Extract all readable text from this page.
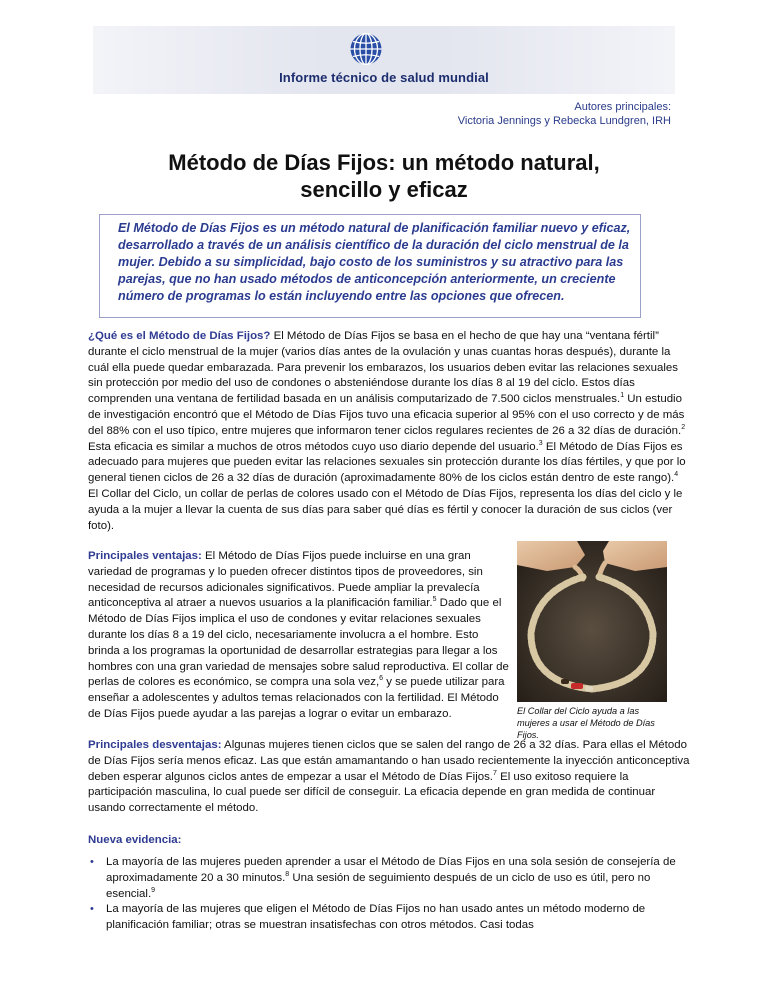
Informe técnico de salud mundial
Autores principales:
Victoria Jennings y Rebecka Lundgren, IRH
Método de Días Fijos: un método natural,
sencillo y eficaz

El Método de Días Fijos es un método natural de planificación familiar nuevo y eficaz, desarrollado a través de un análisis científico de la duración del ciclo menstrual de la mujer. Debido a su simplicidad, bajo costo de los suministros y su atractivo para las parejas, que no han usado métodos de anticoncepción anteriormente, un creciente número de programas lo están incluyendo entre las opciones que ofrecen.

¿Qué es el Método de Días Fijos? El Método de Días Fijos se basa en el hecho de que hay una “ventana fértil” durante el ciclo menstrual de la mujer (varios días antes de la ovulación y unas cuantas horas después), durante la cuál ella puede quedar embarazada. Para prevenir los embarazos, los usuarios deben evitar las relaciones sexuales sin protección por medio del uso de condones o absteniéndose durante los días 8 al 19 del ciclo. Estos días comprenden una ventana de fertilidad basada en un análisis computarizado de 7.500 ciclos menstruales.$^1$ Un estudio de investigación encontró que el Método de Días Fijos tuvo una eficacia superior al 95% con el uso correcto y de más del 88% con el uso típico, entre mujeres que informaron tener ciclos regulares recientes de 26 a 32 días de duración.$^2$ Esta eficacia es similar a muchos de otros métodos cuyo uso diario depende del usuario.$^3$ El Método de Días Fijos es adecuado para mujeres que pueden evitar las relaciones sexuales sin protección durante los días fértiles, y que por lo general tienen ciclos de 26 a 32 días de duración (aproximadamente 80% de los ciclos están dentro de este rango).$^4$ El Collar del Ciclo, un collar de perlas de colores usado con el Método de Días Fijos, representa los días del ciclo y le ayuda a la mujer a llevar la cuenta de sus días para saber qué días es fértil y conocer la duración de sus ciclos (ver foto).

Principales ventajas: El Método de Días Fijos puede incluirse en una gran variedad de programas y lo pueden ofrecer distintos tipos de proveedores, sin necesidad de recursos adicionales significativos. Puede ampliar la prevalecía anticonceptiva al atraer a nuevos usuarios a la planificación familiar.$^5$ Dado que el Método de Días Fijos implica el uso de condones y evitar relaciones sexuales durante los días 8 a 19 del ciclo, necesariamente involucra a el hombre. Esto brinda a los programas la oportunidad de desarrollar estrategias para llegar a los hombres con una gran variedad de mensajes sobre salud reproductiva. El collar de perlas de colores es económico, se compra una sola vez,$^6$ y se puede utilizar para enseñar a adolescentes y adultos temas relacionados con la fertilidad. El Método de Días Fijos puede ayudar a las parejas a lograr o evitar un embarazo.	El Collar del Ciclo ayuda a las mujeres a usar el Método de Días Fijos.

Principales desventajas: Algunas mujeres tienen ciclos que se salen del rango de 26 a 32 días. Para ellas el Método de Días Fijos sería menos eficaz. Las que están amamantando o han usado recientemente la inyección anticonceptiva deben esperar algunos ciclos antes de empezar a usar el Método de Días Fijos.$^7$ El uso exitoso requiere la participación masculina, lo cual puede ser difícil de conseguir. La eficacia depende en gran medida de continuar usando correctamente el método.

Nueva evidencia:

• La mayoría de las mujeres pueden aprender a usar el Método de Días Fijos en una sola sesión de consejería de aproximadamente 20 a 30 minutos.$^8$ Una sesión de seguimiento después de un ciclo de uso es útil, pero no esencial.$^9$
• La mayoría de las mujeres que eligen el Método de Días Fijos no han usado antes un método moderno de planificación familiar; otras se muestran insatisfechas con otros métodos. Casi todas
